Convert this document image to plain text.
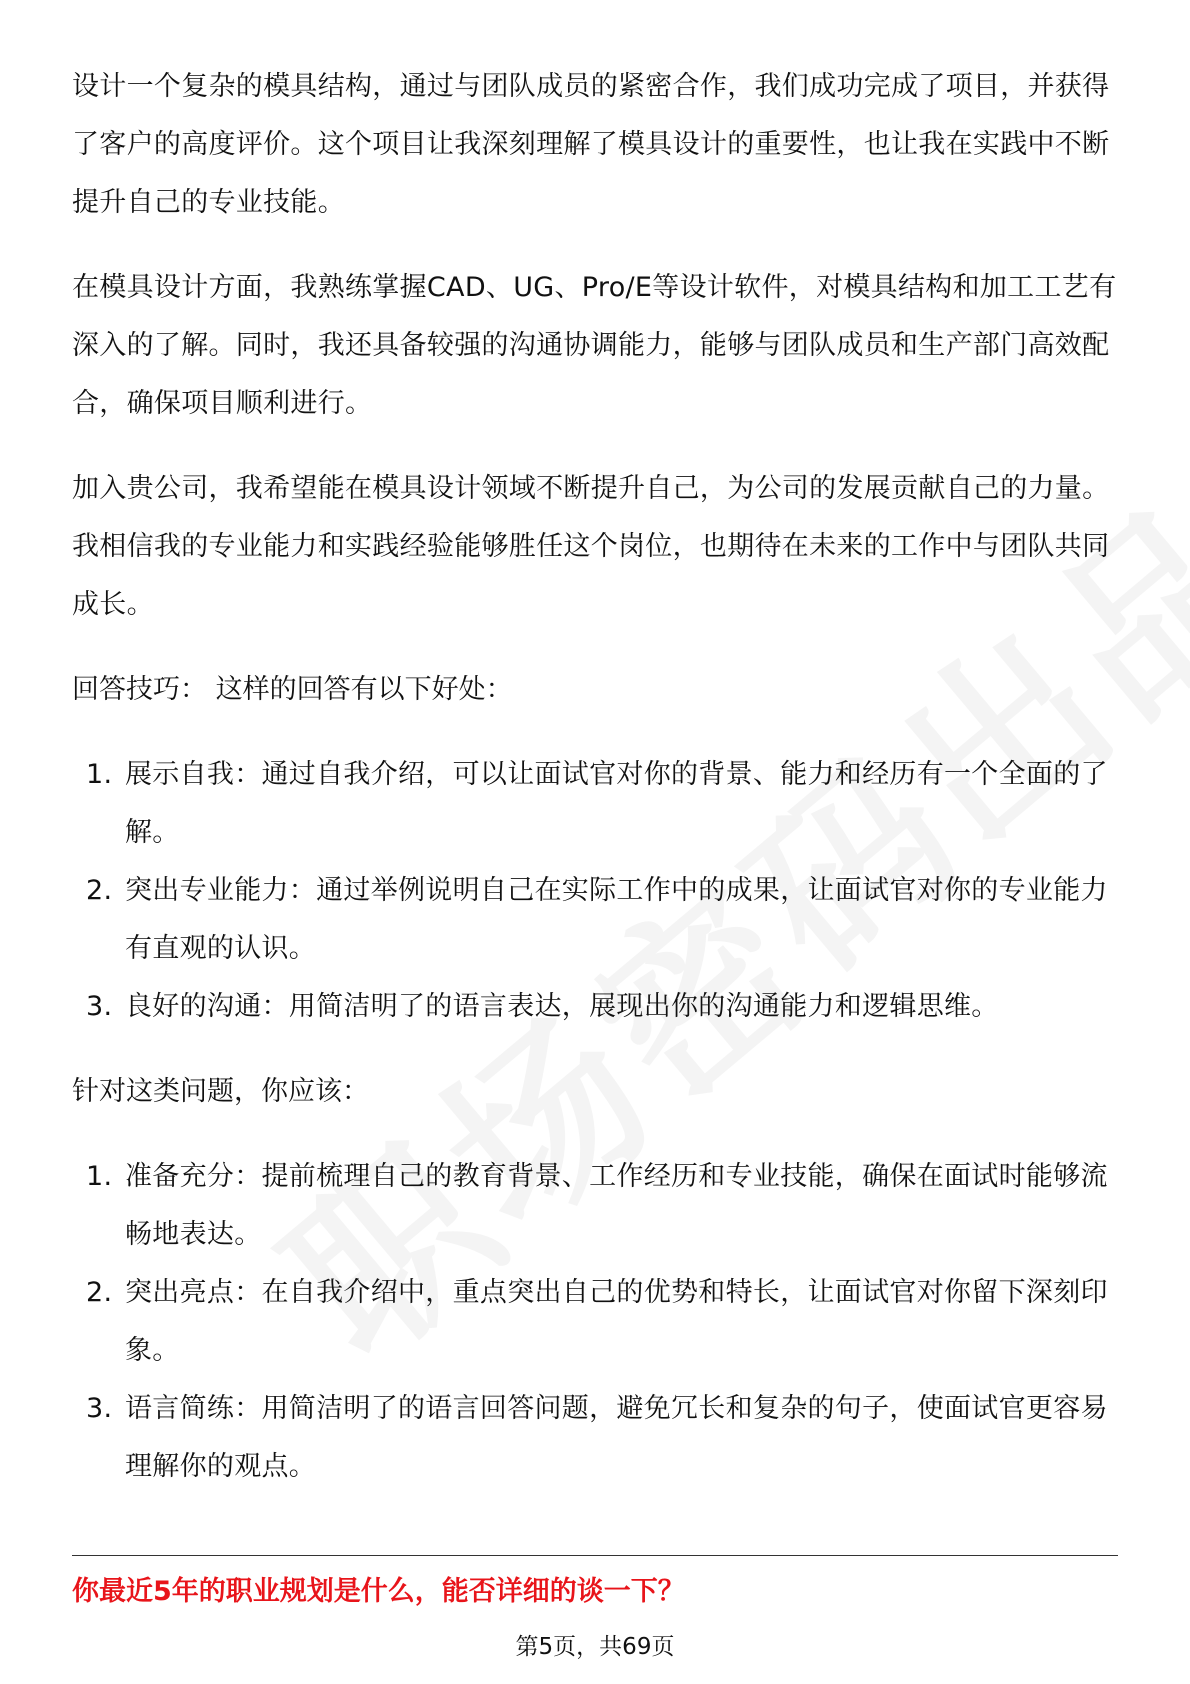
设计一个复杂的模具结构，通过与团队成员的紧密合作，我们成功完成了项目，并获得了客户的高度评价。这个项目让我深刻理解了模具设计的重要性，也让我在实践中不断提升自己的专业技能。

在模具设计方面，我熟练掌握CAD、UG、Pro/E等设计软件，对模具结构和加工工艺有深入的了解。同时，我还具备较强的沟通协调能力，能够与团队成员和生产部门高效配合，确保项目顺利进行。

加入贵公司，我希望能在模具设计领域不断提升自己，为公司的发展贡献自己的力量。我相信我的专业能力和实践经验能够胜任这个岗位，也期待在未来的工作中与团队共同成长。

回答技巧： 这样的回答有以下好处：

1. 展示自我：通过自我介绍，可以让面试官对你的背景、能力和经历有一个全面的了解。
2. 突出专业能力：通过举例说明自己在实际工作中的成果，让面试官对你的专业能力有直观的认识。
3. 良好的沟通：用简洁明了的语言表达，展现出你的沟通能力和逻辑思维。

针对这类问题，你应该：

1. 准备充分：提前梳理自己的教育背景、工作经历和专业技能，确保在面试时能够流畅地表达。
2. 突出亮点：在自我介绍中，重点突出自己的优势和特长，让面试官对你留下深刻印象。
3. 语言简练：用简洁明了的语言回答问题，避免冗长和复杂的句子，使面试官更容易理解你的观点。
你最近5年的职业规划是什么，能否详细的谈一下？
第5页，共69页
